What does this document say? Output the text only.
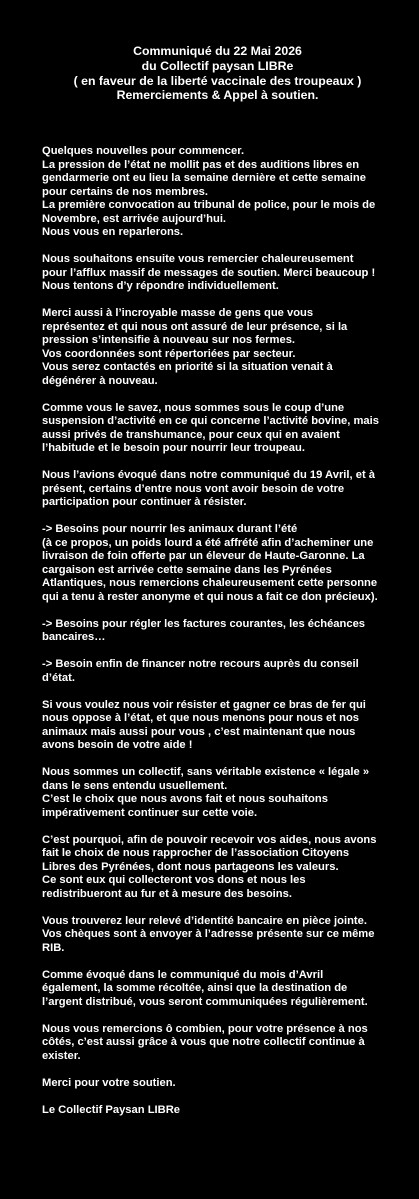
Communiqué du 22 Mai 2026
du Collectif paysan LIBRe
( en faveur de la liberté vaccinale des troupeaux )
Remerciements & Appel à soutien.
Quelques nouvelles pour commencer.
La pression de l’état ne mollit pas et des auditions libres en
gendarmerie ont eu lieu la semaine dernière et cette semaine
pour certains de nos membres.
La première convocation au tribunal de police, pour le mois de
Novembre, est arrivée aujourd’hui.
Nous vous en reparlerons.
Nous souhaitons ensuite vous remercier chaleureusement
pour l’afflux massif de messages de soutien. Merci beaucoup !
Nous tentons d’y répondre individuellement.
Merci aussi à l’incroyable masse de gens que vous
représentez et qui nous ont assuré de leur présence, si la
pression s’intensifie à nouveau sur nos fermes.
Vos coordonnées sont répertoriées par secteur.
Vous serez contactés en priorité si la situation venait à
dégénérer à nouveau.
Comme vous le savez, nous sommes sous le coup d’une
suspension d’activité en ce qui concerne l’activité bovine, mais
aussi privés de transhumance, pour ceux qui en avaient
l’habitude et le besoin pour nourrir leur troupeau.
Nous l’avions évoqué dans notre communiqué du 19 Avril, et à
présent, certains d’entre nous vont avoir besoin de votre
participation pour continuer à résister.
-> Besoins pour nourrir les animaux durant l’été
(à ce propos, un poids lourd a été affrété afin d’acheminer une
livraison de foin offerte par un éleveur de Haute-Garonne. La
cargaison est arrivée cette semaine dans les Pyrénées
Atlantiques, nous remercions chaleureusement cette personne
qui a tenu à rester anonyme et qui nous a fait ce don précieux).
-> Besoins pour régler les factures courantes, les échéances
bancaires…
-> Besoin enfin de financer notre recours auprès du conseil
d’état.
Si vous voulez nous voir résister et gagner ce bras de fer qui
nous oppose à l’état, et que nous menons pour nous et nos
animaux mais aussi pour vous , c’est maintenant que nous
avons besoin de votre aide !
Nous sommes un collectif, sans véritable existence « légale »
dans le sens entendu usuellement.
C’est le choix que nous avons fait et nous souhaitons
impérativement continuer sur cette voie.
C’est pourquoi, afin de pouvoir recevoir vos aides, nous avons
fait le choix de nous rapprocher de l’association Citoyens
Libres des Pyrénées, dont nous partageons les valeurs.
Ce sont eux qui collecteront vos dons et nous les
redistribueront au fur et à mesure des besoins.
Vous trouverez leur relevé d’identité bancaire en pièce jointe.
Vos chèques sont à envoyer à l’adresse présente sur ce même
RIB.
Comme évoqué dans le communiqué du mois d’Avril
également, la somme récoltée, ainsi que la destination de
l’argent distribué, vous seront communiquées régulièrement.
Nous vous remercions ô combien, pour votre présence à nos
côtés, c’est aussi grâce à vous que notre collectif continue à
exister.
Merci pour votre soutien.
Le Collectif Paysan LIBRe
